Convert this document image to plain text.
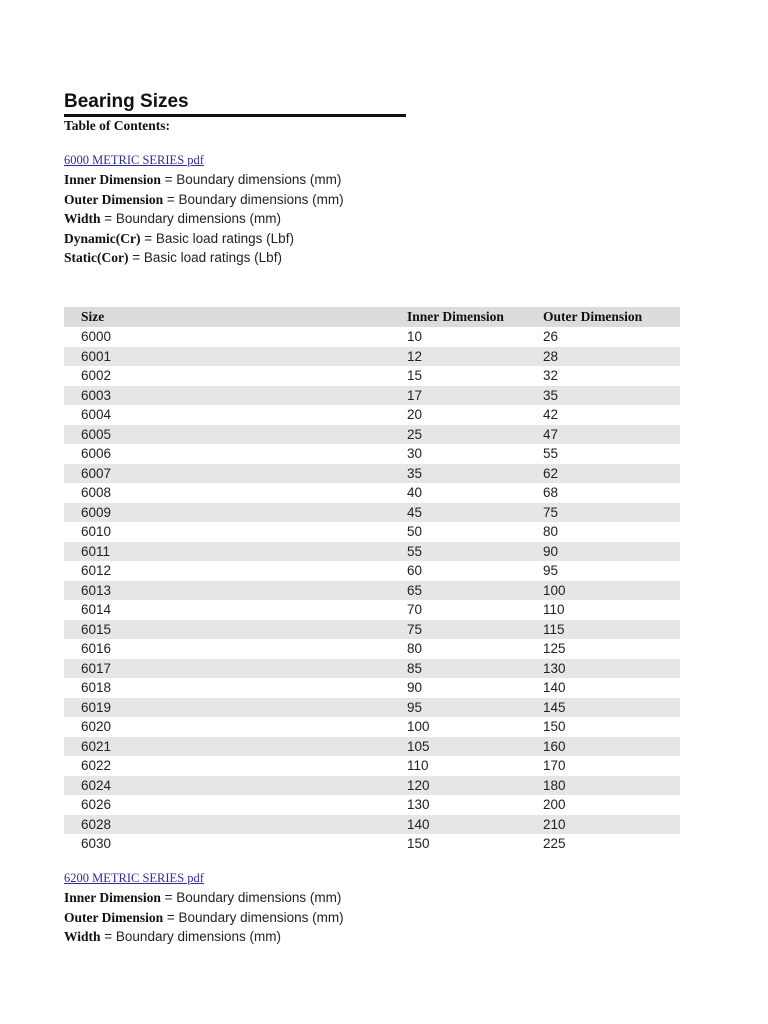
Bearing Sizes
Table of Contents:
6000 METRIC SERIES pdf
Inner Dimension = Boundary dimensions (mm)
Outer Dimension = Boundary dimensions (mm)
Width = Boundary dimensions (mm)
Dynamic(Cr) = Basic load ratings (Lbf)
Static(Cor) = Basic load ratings (Lbf)
Size	Inner Dimension	Outer Dimension
6000	10	26
6001	12	28
6002	15	32
6003	17	35
6004	20	42
6005	25	47
6006	30	55
6007	35	62
6008	40	68
6009	45	75
6010	50	80
6011	55	90
6012	60	95
6013	65	100
6014	70	110
6015	75	115
6016	80	125
6017	85	130
6018	90	140
6019	95	145
6020	100	150
6021	105	160
6022	110	170
6024	120	180
6026	130	200
6028	140	210
6030	150	225
6200 METRIC SERIES pdf
Inner Dimension = Boundary dimensions (mm)
Outer Dimension = Boundary dimensions (mm)
Width = Boundary dimensions (mm)
